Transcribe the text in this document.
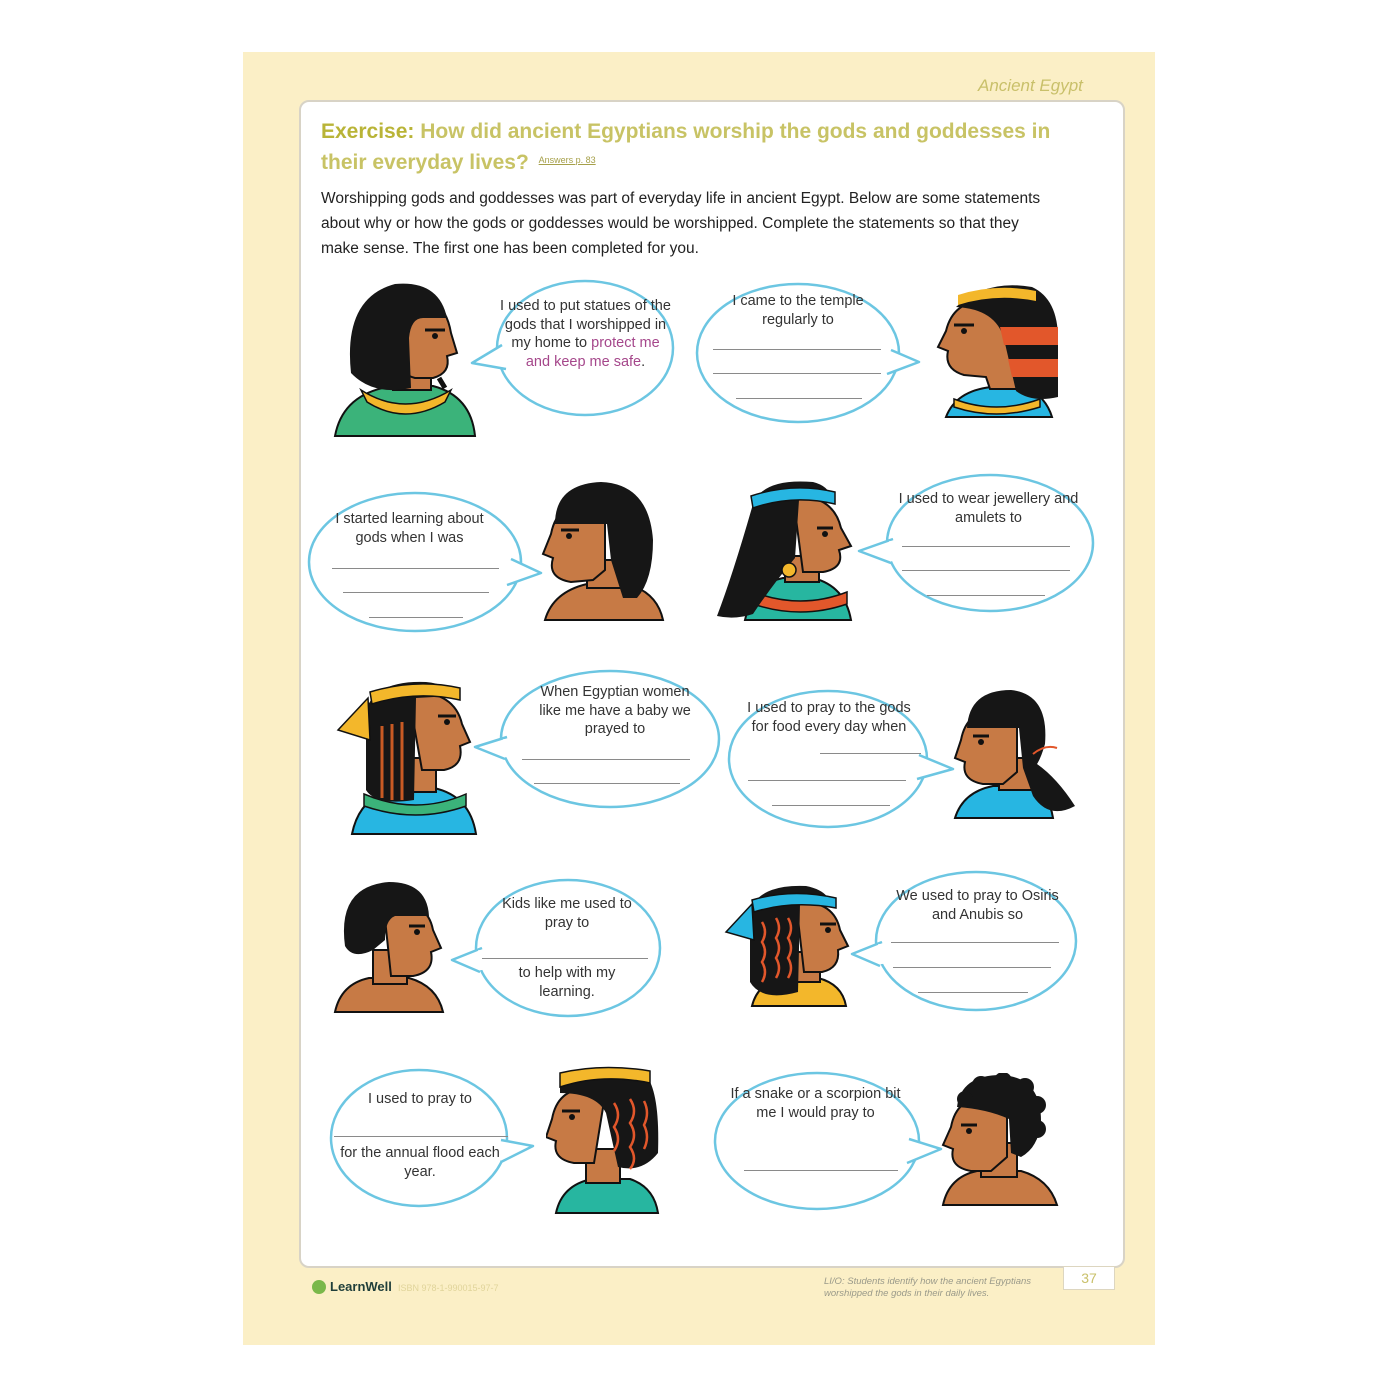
Ancient Egypt
Exercise: How did ancient Egyptians worship the gods and goddesses in their everyday lives? $^{Answers p. 83}$
Worshipping gods and goddesses was part of everyday life in ancient Egypt. Below are some statements about why or how the gods or goddesses would be worshipped. Complete the statements so that they make sense. The first one has been completed for you.
I used to put statues of the gods that I worshipped in my home to protect me and keep me safe.
I came to the temple regularly to
I started learning about gods when I was
I used to wear jewellery and amulets to
When Egyptian women like me have a baby we prayed to
I used to pray to the gods for food every day when
Kids like me used to pray to
to help with my learning.
We used to pray to Osiris and Anubis so
I used to pray to
for the annual flood each year.
If a snake or a scorpion bit me I would pray to
LearnWell ISBN 978-1-990015-97-7
LI/O: Students identify how the ancient Egyptians worshipped the gods in their daily lives.
37
